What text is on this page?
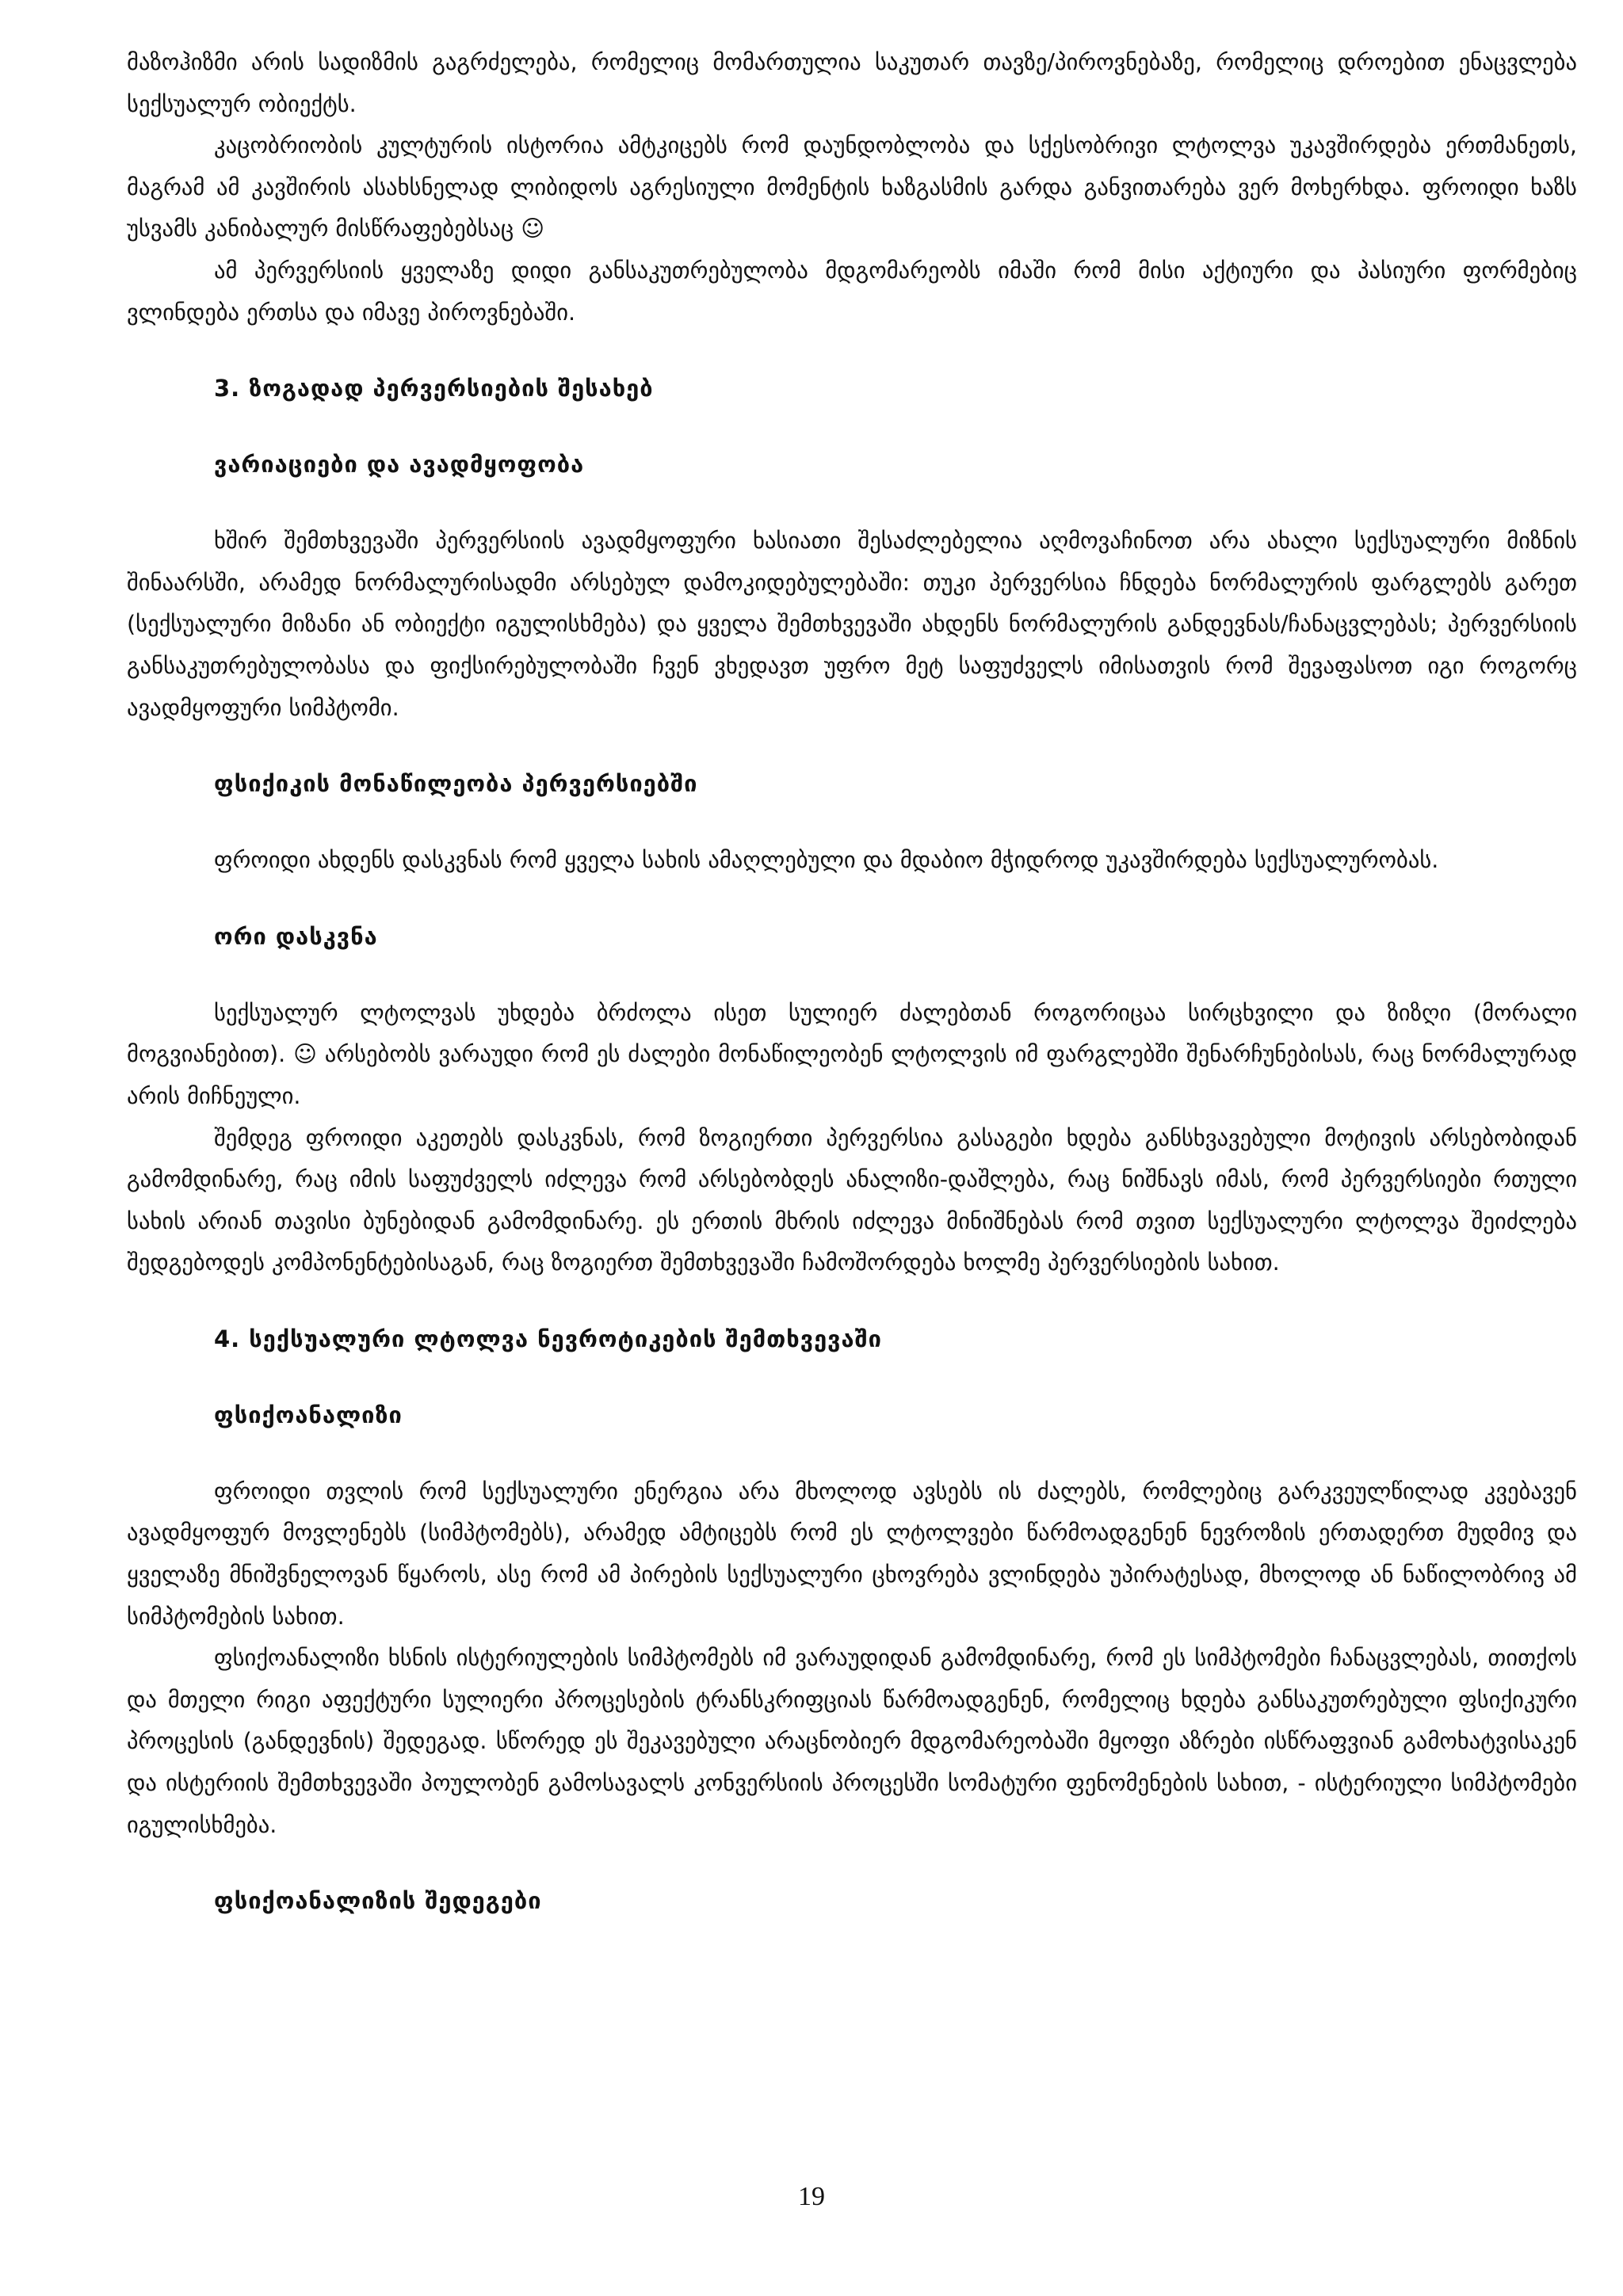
მაზოჰიზმი არის სადიზმის გაგრძელება, რომელიც მომართულია საკუთარ თავზე/პიროვნებაზე, რომელიც დროებით ენაცვლება სექსუალურ ობიექტს.

კაცობრიობის კულტურის ისტორია ამტკიცებს რომ დაუნდობლობა და სქესობრივი ლტოლვა უკავშირდება ერთმანეთს, მაგრამ ამ კავშირის ასახსნელად ლიბიდოს აგრესიული მომენტის ხაზგასმის გარდა განვითარება ვერ მოხერხდა. ფროიდი ხაზს უსვამს კანიბალურ მისწრაფებებსაც ☺

ამ პერვერსიის ყველაზე დიდი განსაკუთრებულობა მდგომარეობს იმაში რომ მისი აქტიური და პასიური ფორმებიც ვლინდება ერთსა და იმავე პიროვნებაში.

3. ზოგადად პერვერსიების შესახებ
ვარიაციები და ავადმყოფობა

ხშირ შემთხვევაში პერვერსიის ავადმყოფური ხასიათი შესაძლებელია აღმოვაჩინოთ არა ახალი სექსუალური მიზნის შინაარსში, არამედ ნორმალურისადმი არსებულ დამოკიდებულებაში: თუკი პერვერსია ჩნდება ნორმალურის ფარგლებს გარეთ (სექსუალური მიზანი ან ობიექტი იგულისხმება) და ყველა შემთხვევაში ახდენს ნორმალურის განდევნას/ჩანაცვლებას; პერვერსიის განსაკუთრებულობასა და ფიქსირებულობაში ჩვენ ვხედავთ უფრო მეტ საფუძველს იმისათვის რომ შევაფასოთ იგი როგორც ავადმყოფური სიმპტომი.

ფსიქიკის მონაწილეობა პერვერსიებში

ფროიდი ახდენს დასკვნას რომ ყველა სახის ამაღლებული და მდაბიო მჭიდროდ უკავშირდება სექსუალურობას.

ორი დასკვნა

სექსუალურ ლტოლვას უხდება ბრძოლა ისეთ სულიერ ძალებთან როგორიცაა სირცხვილი და ზიზღი (მორალი მოგვიანებით). ☺ არსებობს ვარაუდი რომ ეს ძალები მონაწილეობენ ლტოლვის იმ ფარგლებში შენარჩუნებისას, რაც ნორმალურად არის მიჩნეული.

შემდეგ ფროიდი აკეთებს დასკვნას, რომ ზოგიერთი პერვერსია გასაგები ხდება განსხვავებული მოტივის არსებობიდან გამომდინარე, რაც იმის საფუძველს იძლევა რომ არსებობდეს ანალიზი-დაშლება, რაც ნიშნავს იმას, რომ პერვერსიები რთული სახის არიან თავისი ბუნებიდან გამომდინარე. ეს ერთის მხრის იძლევა მინიშნებას რომ თვით სექსუალური ლტოლვა შეიძლება შედგებოდეს კომპონენტებისაგან, რაც ზოგიერთ შემთხვევაში ჩამოშორდება ხოლმე პერვერსიების სახით.

4. სექსუალური ლტოლვა ნევროტიკების შემთხვევაში
ფსიქოანალიზი

ფროიდი თვლის რომ სექსუალური ენერგია არა მხოლოდ ავსებს ის ძალებს, რომლებიც გარკვეულწილად კვებავენ ავადმყოფურ მოვლენებს (სიმპტომებს), არამედ ამტიცებს რომ ეს ლტოლვები წარმოადგენენ ნევროზის ერთადერთ მუდმივ და ყველაზე მნიშვნელოვან წყაროს, ასე რომ ამ პირების სექსუალური ცხოვრება ვლინდება უპირატესად, მხოლოდ ან ნაწილობრივ ამ სიმპტომების სახით.

ფსიქოანალიზი ხსნის ისტერიულების სიმპტომებს იმ ვარაუდიდან გამომდინარე, რომ ეს სიმპტომები ჩანაცვლებას, თითქოს და მთელი რიგი აფექტური სულიერი პროცესების ტრანსკრიფციას წარმოადგენენ, რომელიც ხდება განსაკუთრებული ფსიქიკური პროცესის (განდევნის) შედეგად. სწორედ ეს შეკავებული არაცნობიერ მდგომარეობაში მყოფი აზრები ისწრაფვიან გამოხატვისაკენ და ისტერიის შემთხვევაში პოულობენ გამოსავალს კონვერსიის პროცესში სომატური ფენომენების სახით, - ისტერიული სიმპტომები იგულისხმება.

ფსიქოანალიზის შედეგები
19
